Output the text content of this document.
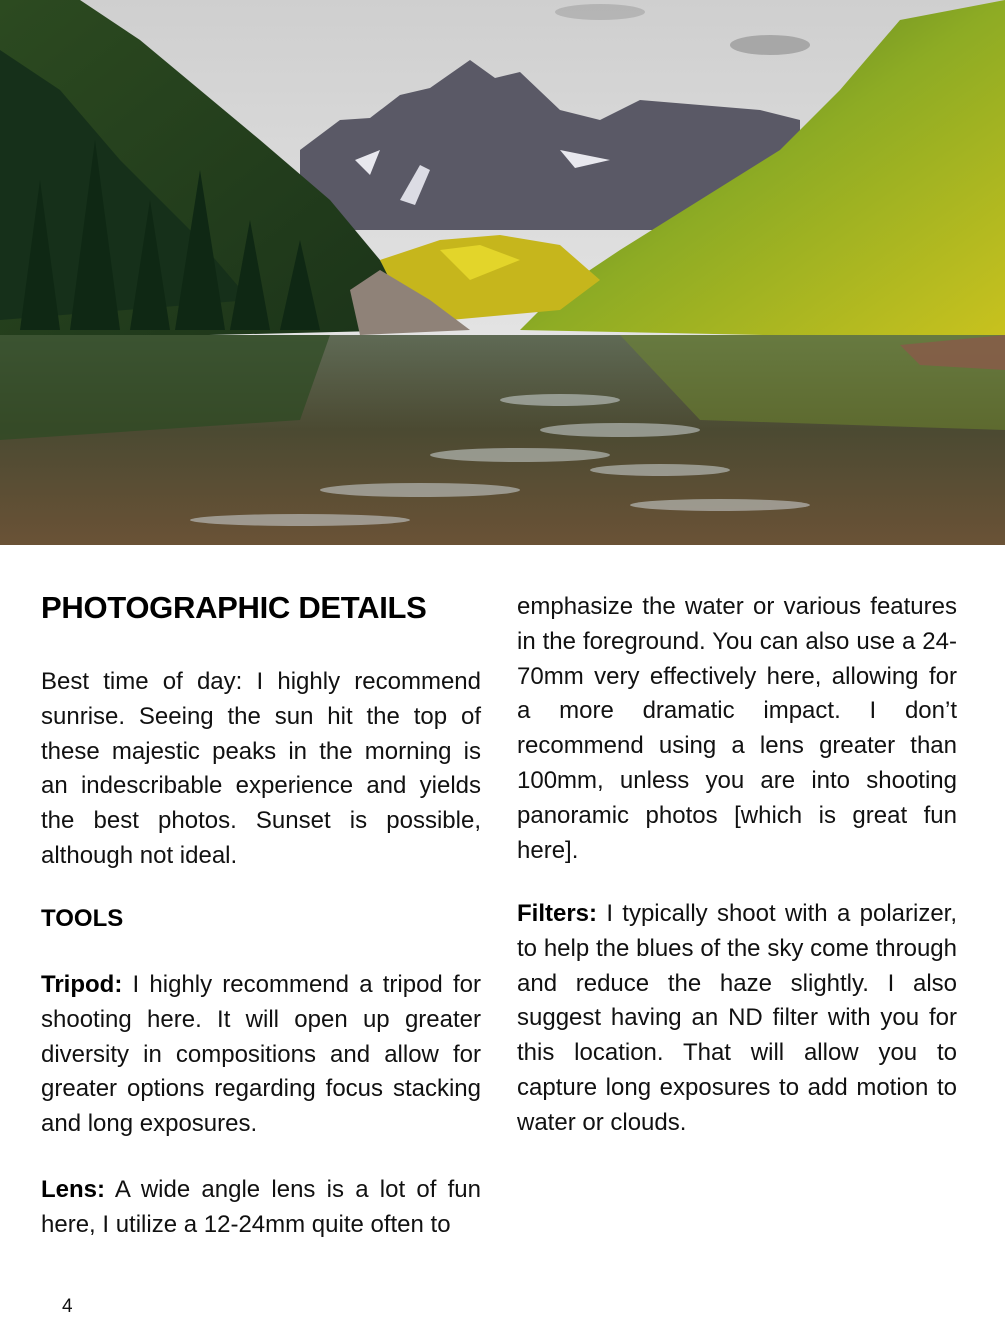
PHOTOGRAPHIC DETAILS

Best time of day: I highly recommend sunrise. Seeing the sun hit the top of these majestic peaks in the morning is an indescribable experience and yields the best photos. Sunset is possible, although not ideal.

TOOLS

Tripod: I highly recommend a tripod for shooting here. It will open up greater diversity in compositions and allow for greater options regarding focus stacking and long exposures.

Lens: A wide angle lens is a lot of fun here, I utilize a 12-24mm quite often to

emphasize the water or various features in the foreground. You can also use a 24-70mm very effectively here, allowing for a more dramatic impact. I don’t recommend using a lens greater than 100mm, unless you are into shooting panoramic photos [which is great fun here].

Filters: I typically shoot with a polarizer, to help the blues of the sky come through and reduce the haze slightly. I also suggest having an ND filter with you for this location. That will allow you to capture long exposures to add motion to water or clouds.

4
